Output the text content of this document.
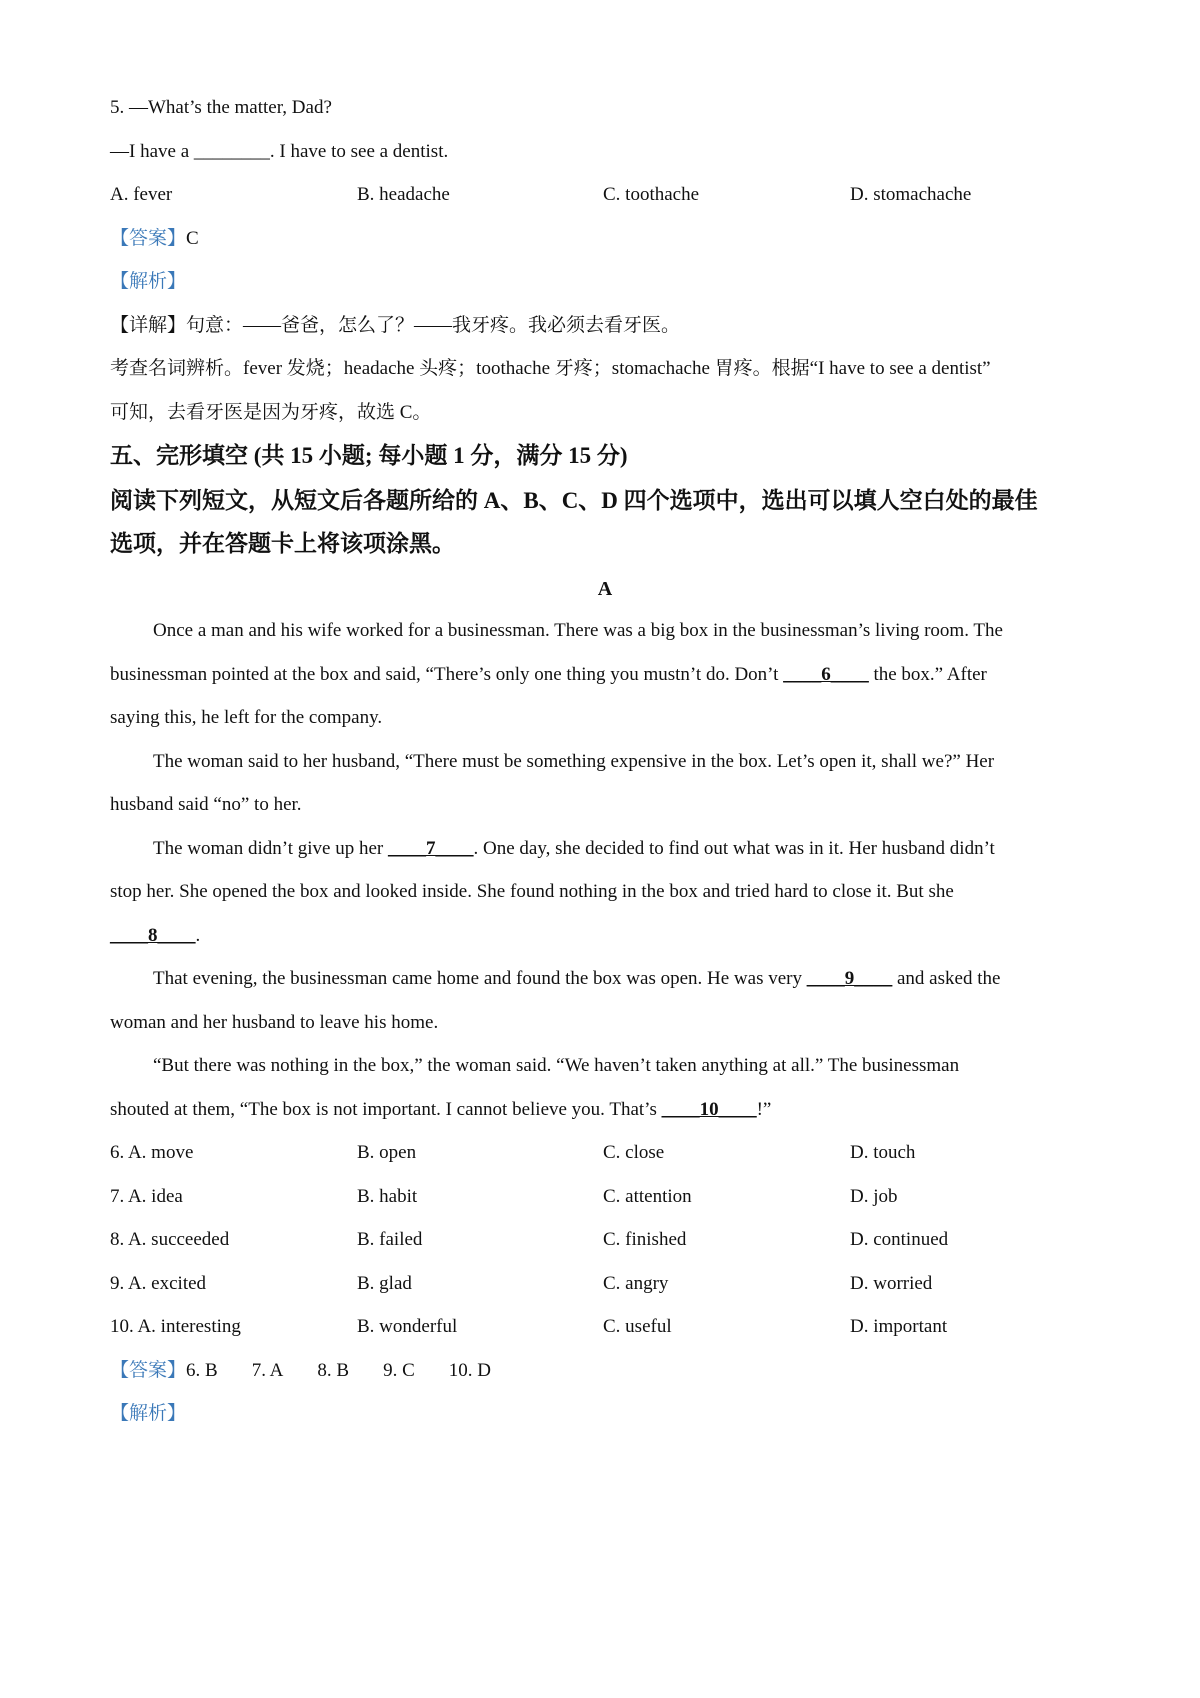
5. —What’s the matter, Dad?
—I have a ________. I have to see a dentist.
A. fever	B. headache	C. toothache	D. stomachache
【答案】C
【解析】
【详解】句意：——爸爸，怎么了？——我牙疼。我必须去看牙医。
考查名词辨析。fever 发烧；headache 头疼；toothache 牙疼；stomachache 胃疼。根据“I have to see a dentist”
可知，去看牙医是因为牙疼，故选 C。
五、完形填空 (共 15 小题; 每小题 1 分，满分 15 分)
阅读下列短文，从短文后各题所给的 A、B、C、D 四个选项中，选出可以填人空白处的最佳
选项，并在答题卡上将该项涂黑。
A
Once a man and his wife worked for a businessman. There was a big box in the businessman’s living room. The
businessman pointed at the box and said, “There’s only one thing you mustn’t do. Don’t ____6____ the box.” After
saying this, he left for the company.
The woman said to her husband, “There must be something expensive in the box. Let’s open it, shall we?” Her
husband said “no” to her.
The woman didn’t give up her ____7____. One day, she decided to find out what was in it. Her husband didn’t
stop her. She opened the box and looked inside. She found nothing in the box and tried hard to close it. But she
____8____.
That evening, the businessman came home and found the box was open. He was very ____9____ and asked the
woman and her husband to leave his home.
“But there was nothing in the box,” the woman said. “We haven’t taken anything at all.” The businessman
shouted at them, “The box is not important. I cannot believe you. That’s ____10____!”
6. A. move	B. open	C. close	D. touch
7. A. idea	B. habit	C. attention	D. job
8. A. succeeded	B. failed	C. finished	D. continued
9. A. excited	B. glad	C. angry	D. worried
10. A. interesting	B. wonderful	C. useful	D. important
【答案】6. B 7. A 8. B 9. C 10. D
【解析】
